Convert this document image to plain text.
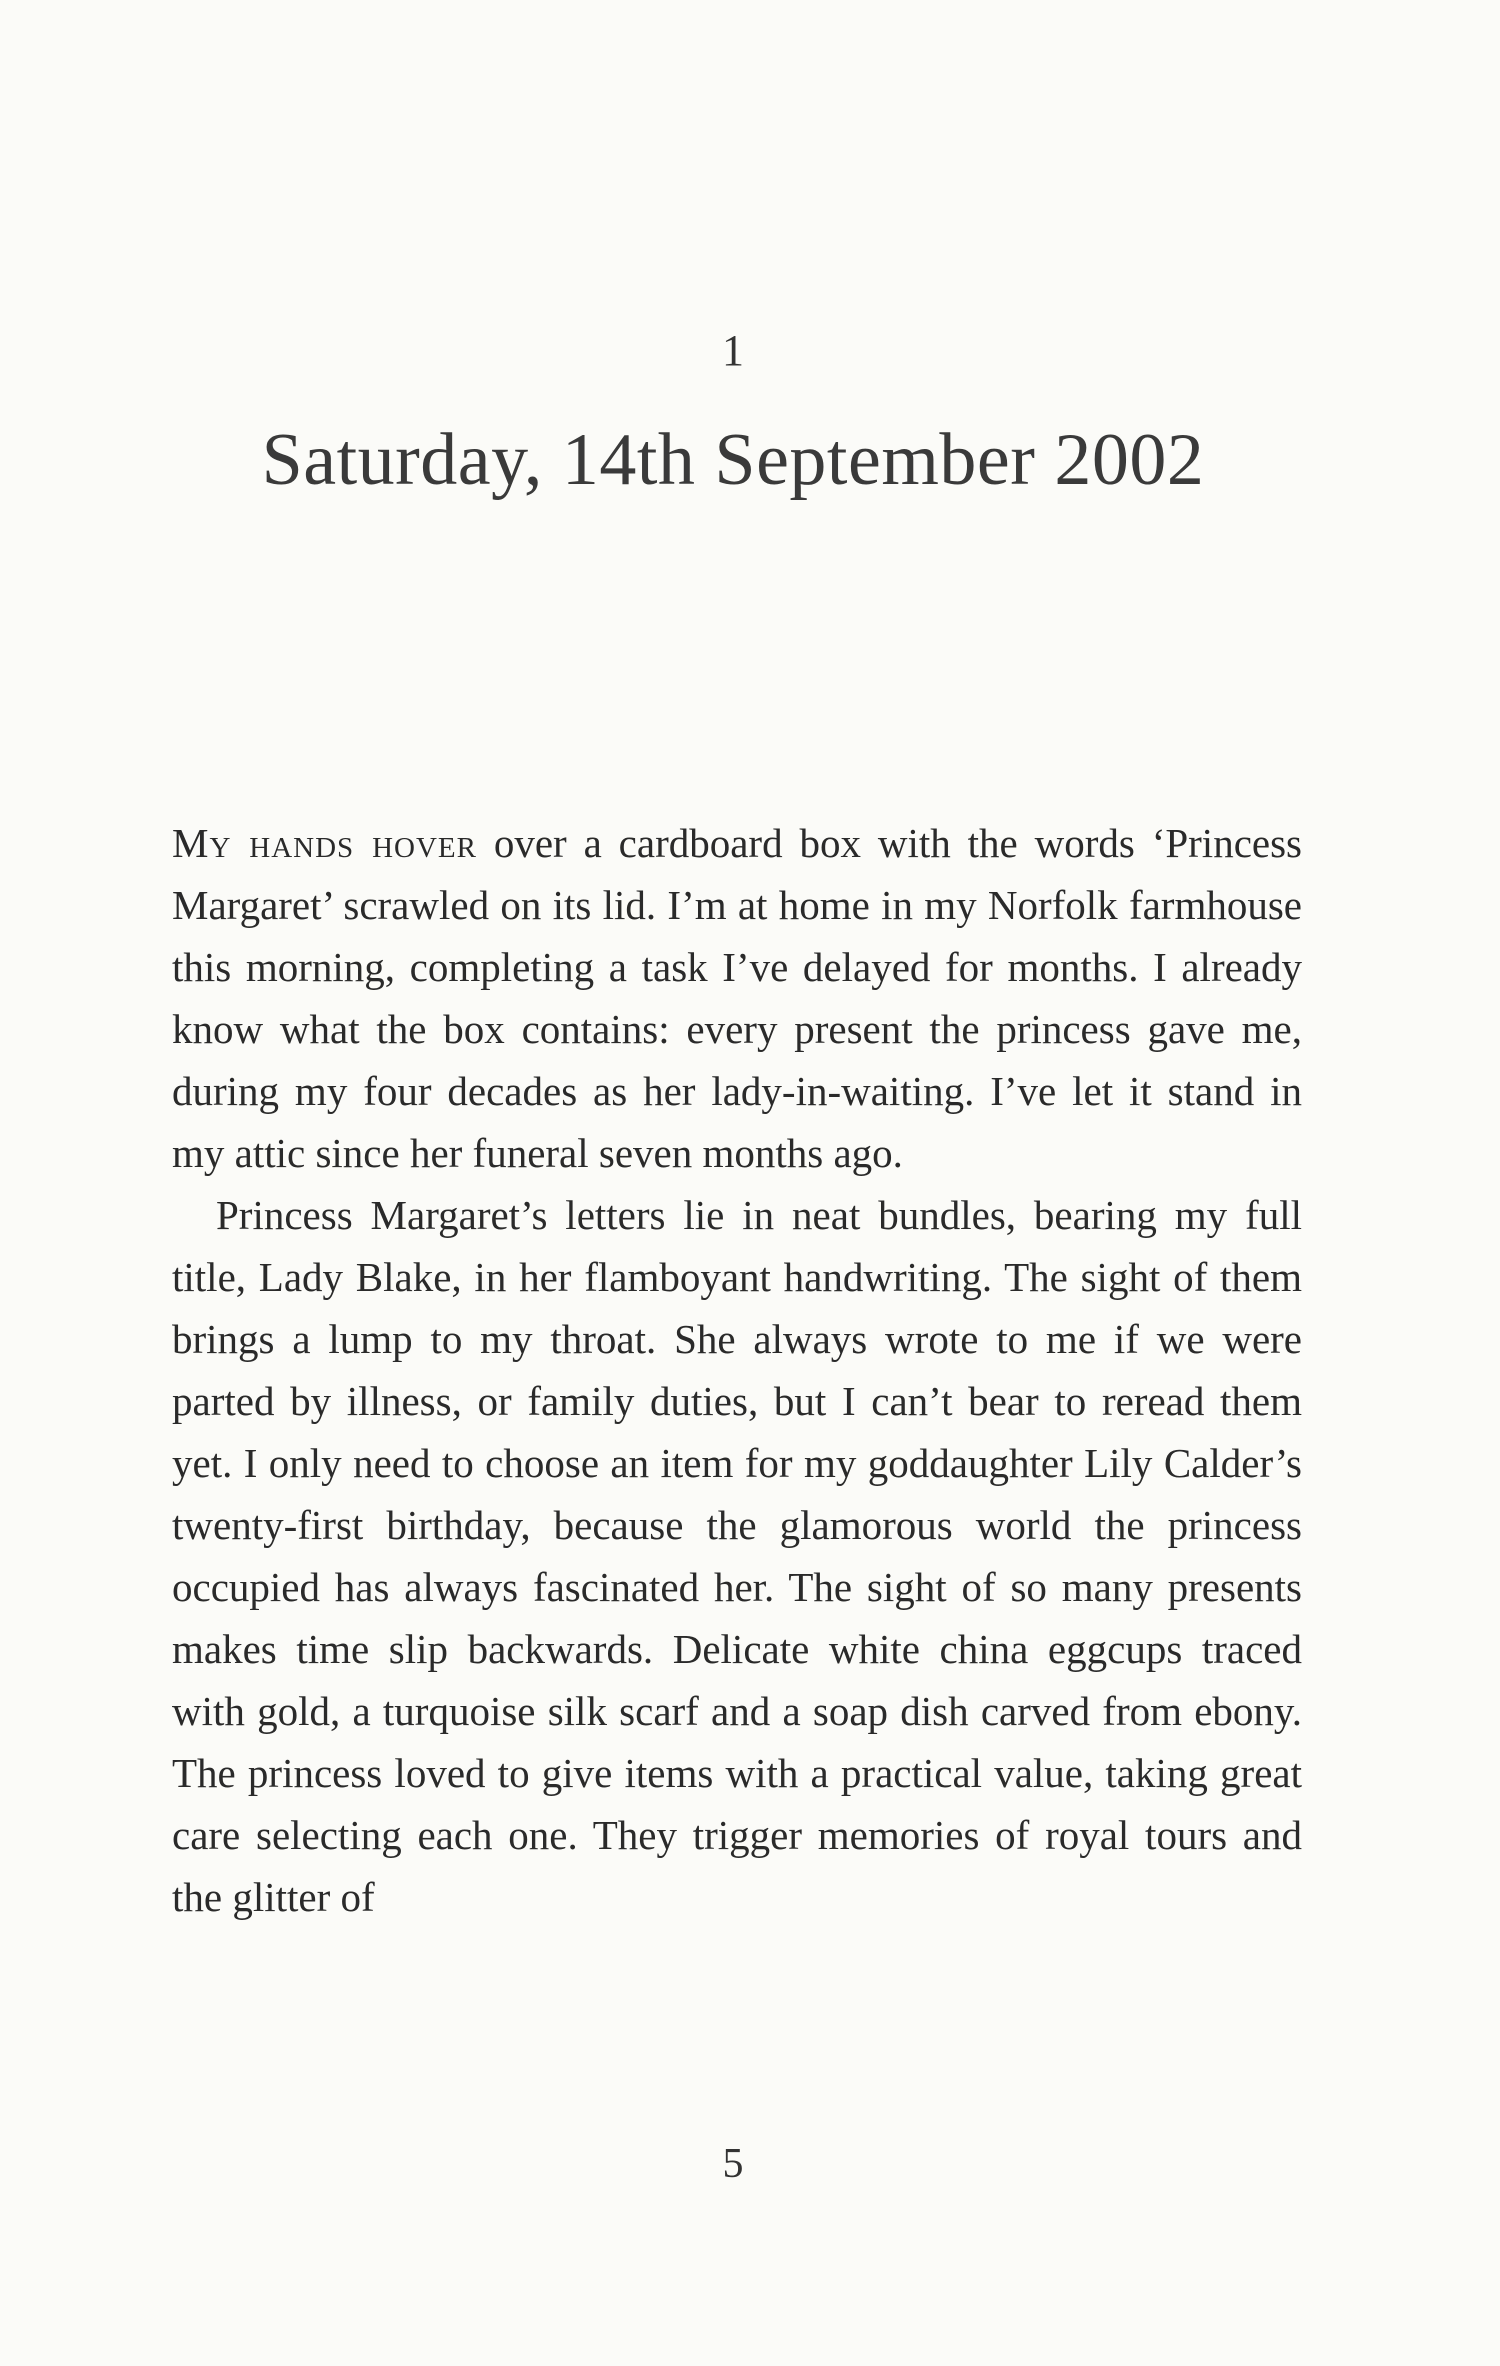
1
Saturday, 14th September 2002

My hands hover over a cardboard box with the words ‘Princess Margaret’ scrawled on its lid. I’m at home in my Norfolk farmhouse this morning, completing a task I’ve delayed for months. I already know what the box contains: every present the princess gave me, during my four decades as her lady-in-waiting. I’ve let it stand in my attic since her funeral seven months ago.

Princess Margaret’s letters lie in neat bundles, bearing my full title, Lady Blake, in her flamboyant handwriting. The sight of them brings a lump to my throat. She always wrote to me if we were parted by illness, or family duties, but I can’t bear to reread them yet. I only need to choose an item for my goddaughter Lily Calder’s twenty-first birthday, because the glamorous world the princess occupied has always fascinated her. The sight of so many presents makes time slip backwards. Delicate white china eggcups traced with gold, a turquoise silk scarf and a soap dish carved from ebony. The princess loved to give items with a practical value, taking great care selecting each one. They trigger memories of royal tours and the glitter of

5
